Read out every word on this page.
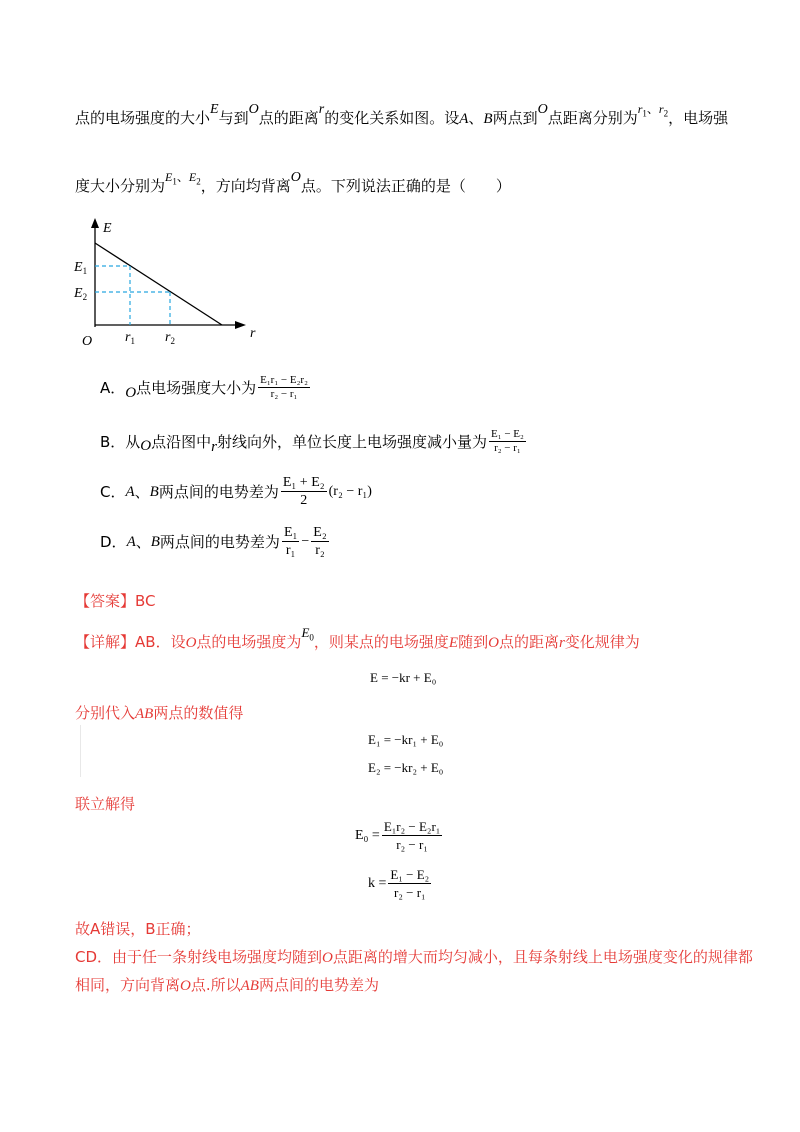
点的电场强度的大小E与到O点的距离r的变化关系如图。设A、B两点到O点距离分别为$^{r_1、r_2}$，电场强
度大小分别为$^{E_1、E_2}$，方向均背离O点。下列说法正确的是（　　）
E
r
O
$E_1$
$E_2$
$r_1$ $r_2$
A． O 点电场强度大小为 $\frac{\text{E₁r₁ − E₂r₂}}{\text{r₂ − r₁}}$
B．从 O 点沿图中 r 射线向外，单位长度上电场强度减小量为 $\frac{\text{E₁ − E₂}}{\text{r₂ − r₁}}$
C． A 、 B 两点间的电势差为 $\frac{\text{E₁ + E₂}}{2} (r_2 - r_1)$
D． A 、 B 两点间的电势差为 $\frac{\text{E₁}}{\text{r₁}} - \frac{\text{E₂}}{\text{r₂}}$
【答案】BC
【详解】AB．设O点的电场强度为$E_0$，则某点的电场强度E随到O点的距离r变化规律为
E = −kr + E₀
分别代入AB两点的数值得
E₁ = −kr₁ + E₀
E₂ = −kr₂ + E₀
联立解得
$E_0 = \frac{\text{E₁r₂ − E₂r₁}}{\text{r₂ − r₁}}$
$k = \frac{\text{E₁ − E₂}}{\text{r₂ − r₁}}$
故A错误，B正确；
CD．由于任一条射线电场强度均随到O点距离的增大而均匀减小，且每条射线上电场强度变化的规律都
相同，方向背离O点.所以AB两点间的电势差为
